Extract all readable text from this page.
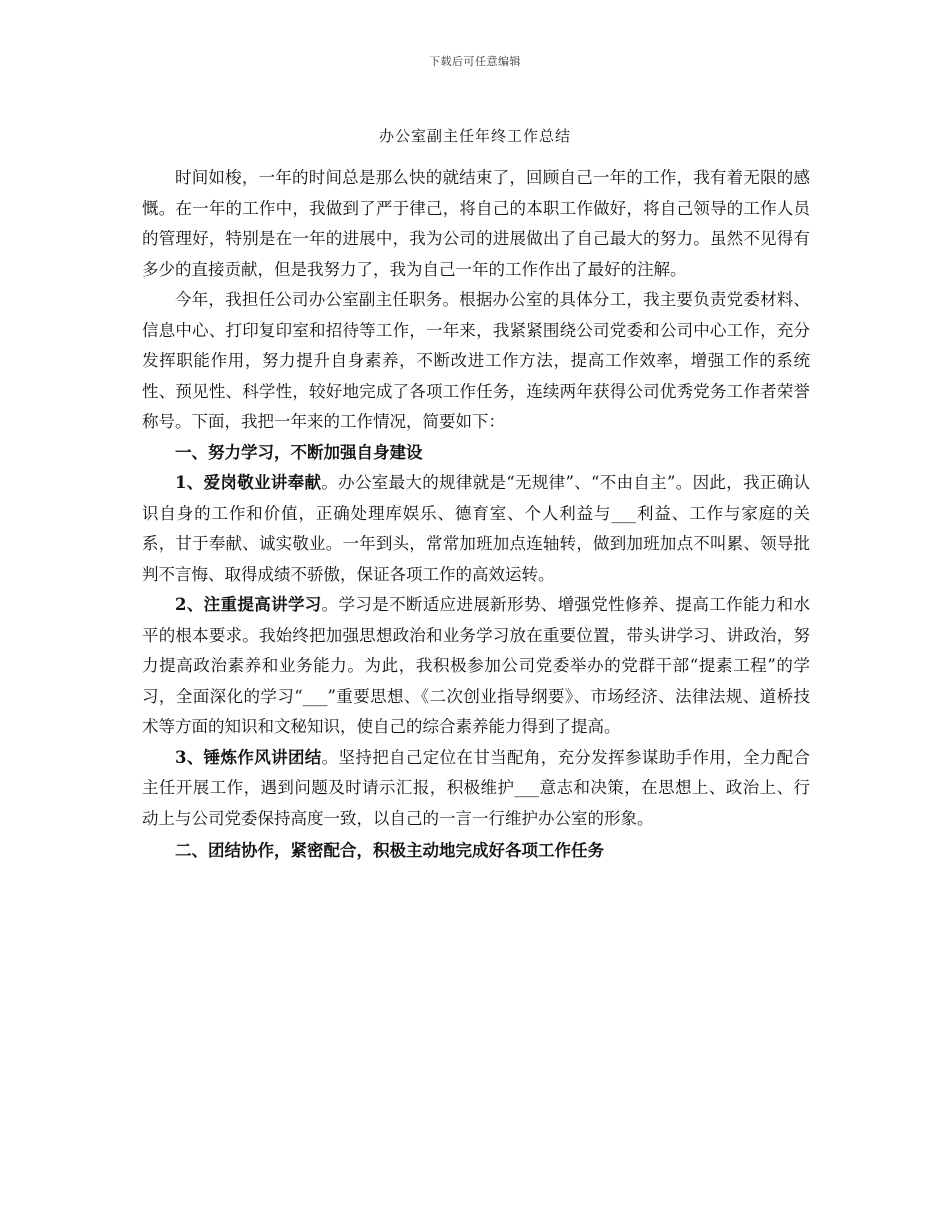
下载后可任意编辑
办公室副主任年终工作总结

时间如梭，一年的时间总是那么快的就结束了，回顾自己一年的工作，我有着无限的感慨。在一年的工作中，我做到了严于律己，将自己的本职工作做好，将自己领导的工作人员的管理好，特别是在一年的进展中，我为公司的进展做出了自己最大的努力。虽然不见得有多少的直接贡献，但是我努力了，我为自己一年的工作作出了最好的注解。

今年，我担任公司办公室副主任职务。根据办公室的具体分工，我主要负责党委材料、信息中心、打印复印室和招待等工作，一年来，我紧紧围绕公司党委和公司中心工作，充分发挥职能作用，努力提升自身素养，不断改进工作方法，提高工作效率，增强工作的系统性、预见性、科学性，较好地完成了各项工作任务，连续两年获得公司优秀党务工作者荣誉称号。下面，我把一年来的工作情况，简要如下：

一、努力学习，不断加强自身建设

1、爱岗敬业讲奉献。办公室最大的规律就是“无规律”、“不由自主”。因此，我正确认识自身的工作和价值，正确处理库娱乐、德育室、个人利益与___利益、工作与家庭的关系，甘于奉献、诚实敬业。一年到头，常常加班加点连轴转，做到加班加点不叫累、领导批判不言悔、取得成绩不骄傲，保证各项工作的高效运转。

2、注重提高讲学习。学习是不断适应进展新形势、增强党性修养、提高工作能力和水平的根本要求。我始终把加强思想政治和业务学习放在重要位置，带头讲学习、讲政治，努力提高政治素养和业务能力。为此，我积极参加公司党委举办的党群干部“提素工程”的学习，全面深化的学习“___”重要思想、《二次创业指导纲要》、市场经济、法律法规、道桥技术等方面的知识和文秘知识，使自己的综合素养能力得到了提高。

3、锤炼作风讲团结。坚持把自己定位在甘当配角，充分发挥参谋助手作用，全力配合主任开展工作，遇到问题及时请示汇报，积极维护___意志和决策，在思想上、政治上、行动上与公司党委保持高度一致，以自己的一言一行维护办公室的形象。

二、团结协作，紧密配合，积极主动地完成好各项工作任务
